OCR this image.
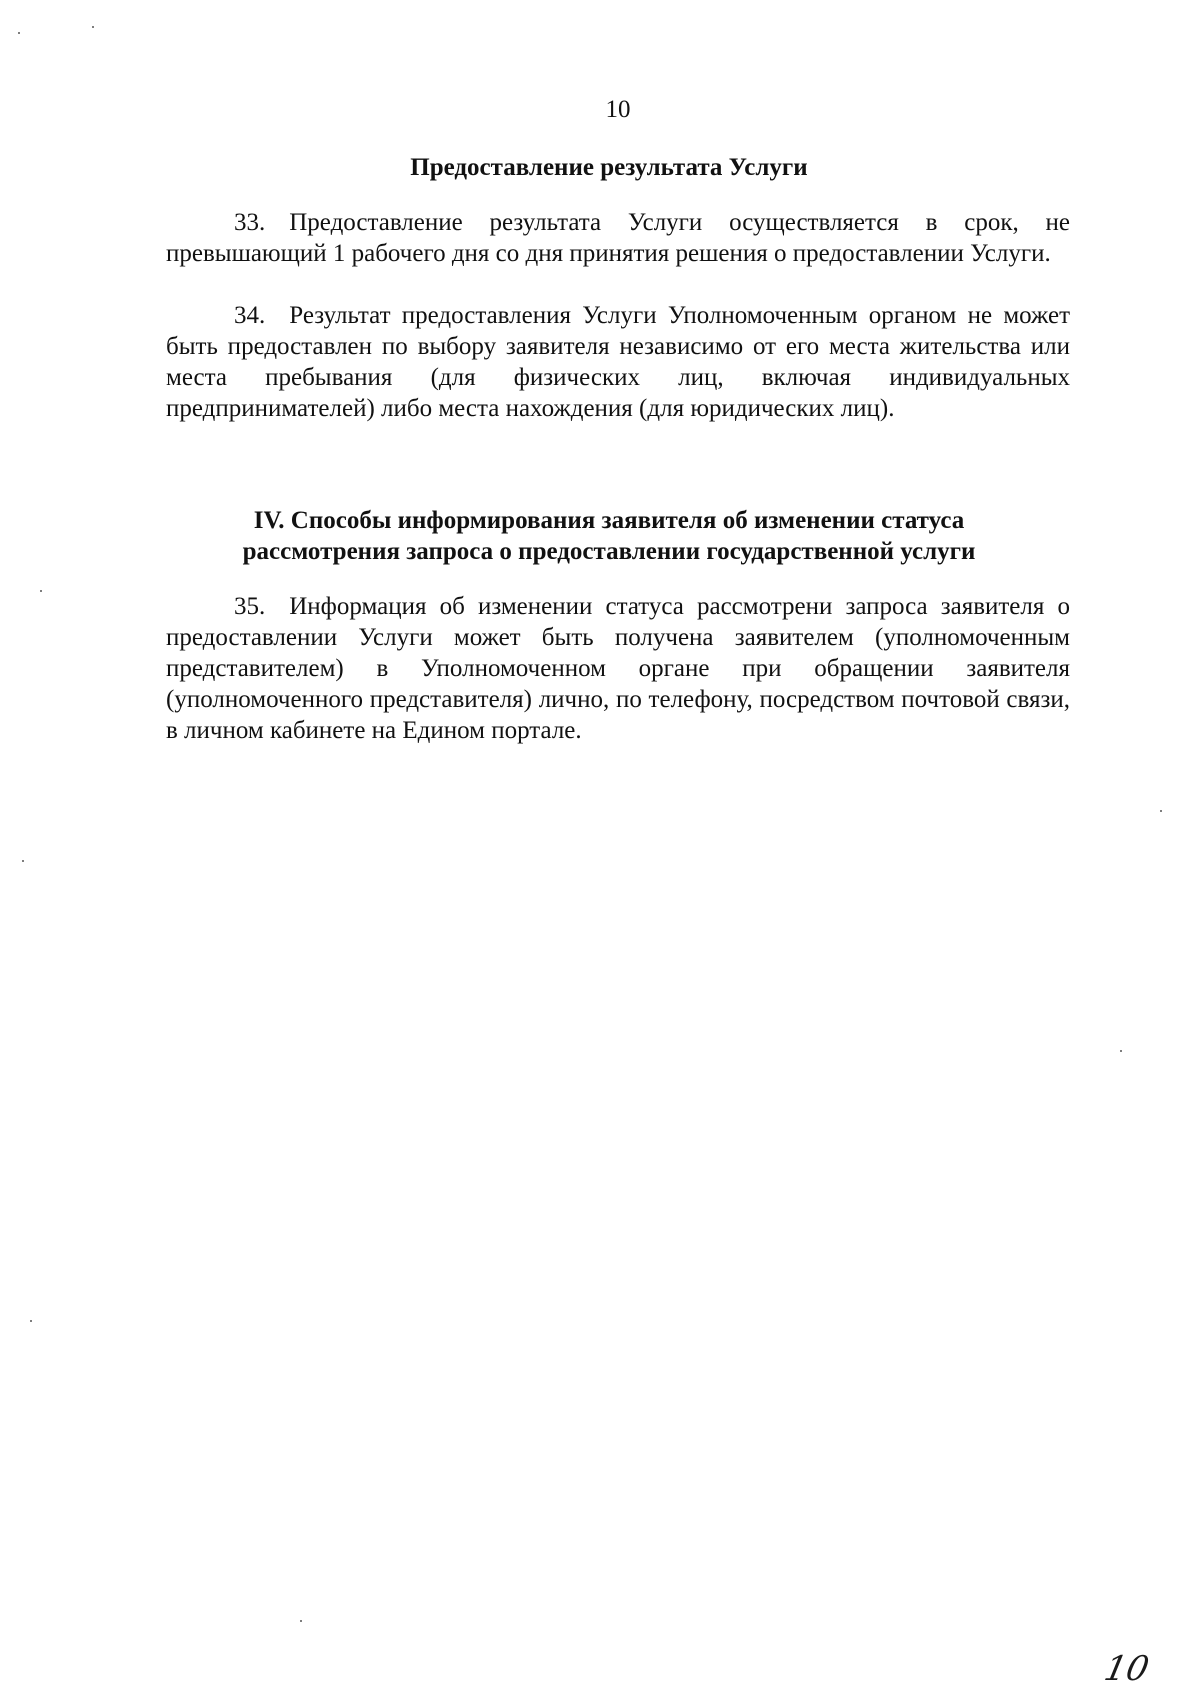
10
Предоставление результата Услуги

33. Предоставление результата Услуги осуществляется в срок, не превышающий 1 рабочего дня со дня принятия решения о предоставлении Услуги.

34. Результат предоставления Услуги Уполномоченным органом не может быть предоставлен по выбору заявителя независимо от его места жительства или места пребывания (для физических лиц, включая индивидуальных предпринимателей) либо места нахождения (для юридических лиц).

IV. Способы информирования заявителя об изменении статуса
рассмотрения запроса о предоставлении государственной услуги

35. Информация об изменении статуса рассмотрени запроса заявителя о предоставлении Услуги может быть получена заявителем (уполномоченным представителем) в Уполномоченном органе при обращении заявителя (уполномоченного представителя) лично, по телефону, посредством почтовой связи, в личном кабинете на Едином портале.

10
